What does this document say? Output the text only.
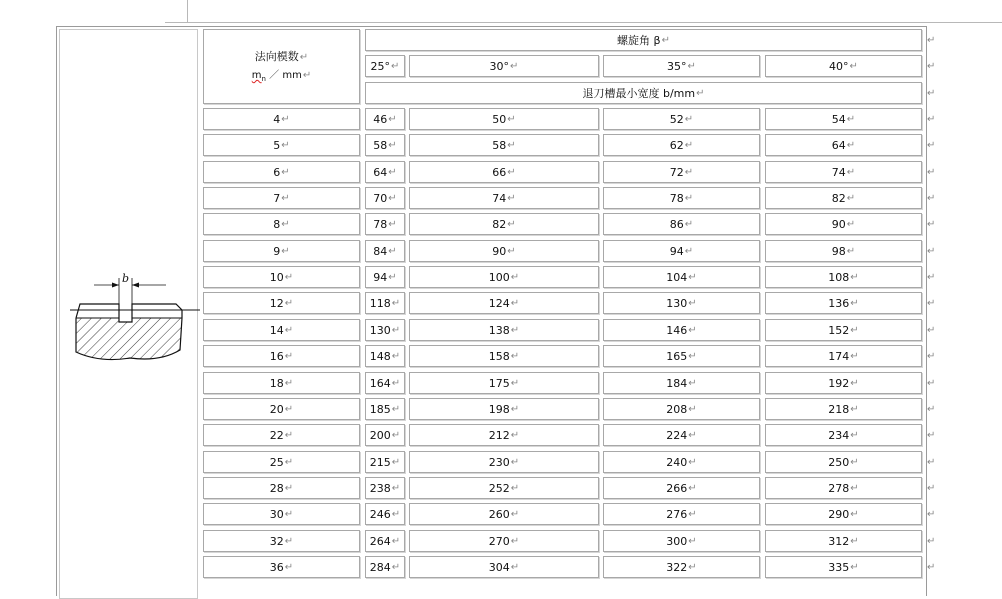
b
法向模数↵
$m_n$ ／ mm↵
螺旋角 β ↵
25° ↵	30° ↵	35° ↵	40° ↵
退刀槽最小宽度 b/mm ↵
↵
↵
↵
4 ↵	46 ↵	50 ↵	52 ↵	54 ↵	↵
5 ↵	58 ↵	58 ↵	62 ↵	64 ↵	↵
6 ↵	64 ↵	66 ↵	72 ↵	74 ↵	↵
7 ↵	70 ↵	74 ↵	78 ↵	82 ↵	↵
8 ↵	78 ↵	82 ↵	86 ↵	90 ↵	↵
9 ↵	84 ↵	90 ↵	94 ↵	98 ↵	↵
10 ↵	94 ↵	100 ↵	104 ↵	108 ↵	↵
12 ↵	118 ↵	124 ↵	130 ↵	136 ↵	↵
14 ↵	130 ↵	138 ↵	146 ↵	152 ↵	↵
16 ↵	148 ↵	158 ↵	165 ↵	174 ↵	↵
18 ↵	164 ↵	175 ↵	184 ↵	192 ↵	↵
20 ↵	185 ↵	198 ↵	208 ↵	218 ↵	↵
22 ↵	200 ↵	212 ↵	224 ↵	234 ↵	↵
25 ↵	215 ↵	230 ↵	240 ↵	250 ↵	↵
28 ↵	238 ↵	252 ↵	266 ↵	278 ↵	↵
30 ↵	246 ↵	260 ↵	276 ↵	290 ↵	↵
32 ↵	264 ↵	270 ↵	300 ↵	312 ↵	↵
36 ↵	284 ↵	304 ↵	322 ↵	335 ↵	↵
